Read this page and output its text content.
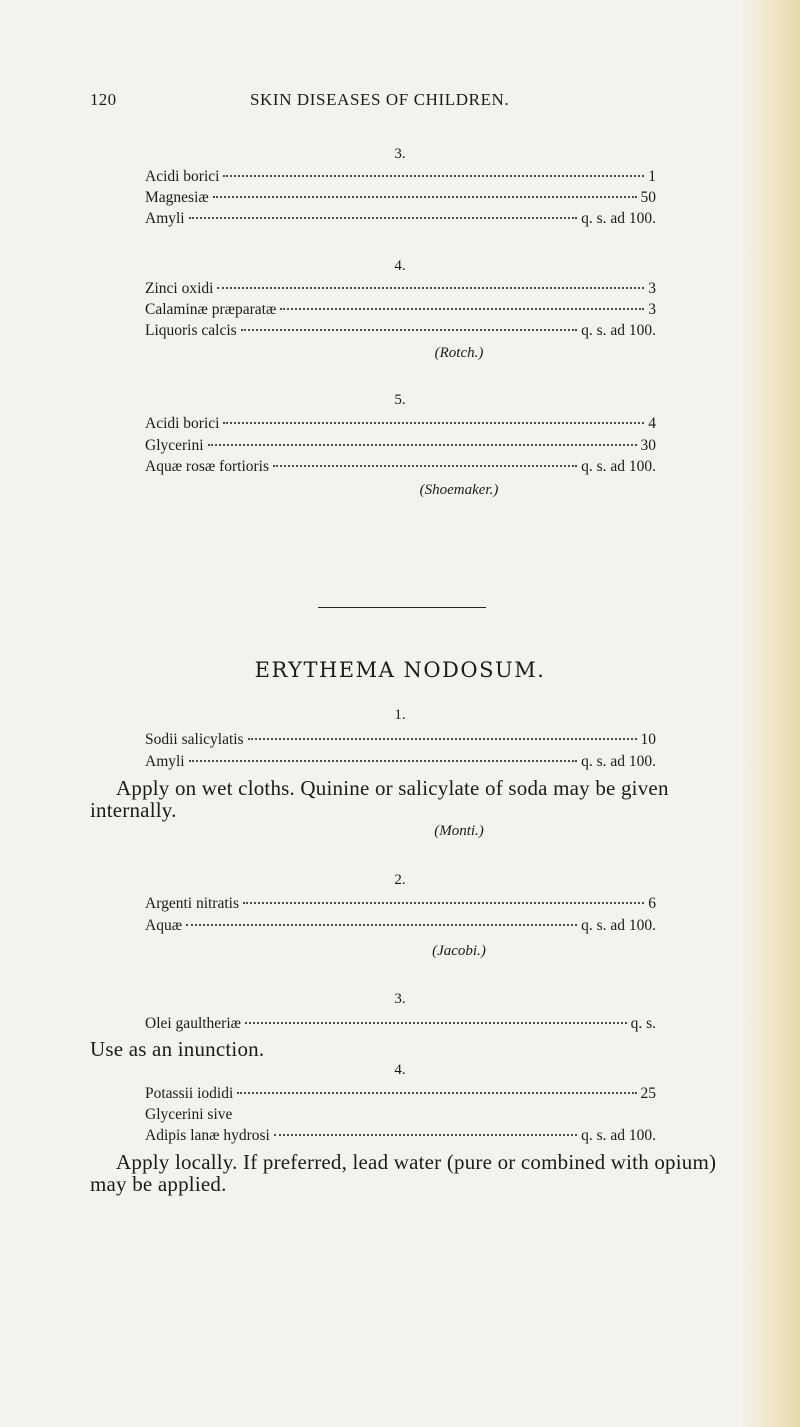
120	SKIN DISEASES OF CHILDREN.
3.
Acidi borici	1
Magnesiæ	50
Amyli	q. s. ad 100.
4.
Zinci oxidi	3
Calaminæ præparatæ	3
Liquoris calcis	q. s. ad 100.
(Rotch.)
5.
Acidi borici	4
Glycerini	30
Aquæ rosæ fortioris	q. s. ad 100.
(Shoemaker.)
ERYTHEMA NODOSUM.
1.
Sodii salicylatis	10
Amyli	q. s. ad 100.
Apply on wet cloths. Quinine or salicylate of soda may be given internally.
(Monti.)
2.
Argenti nitratis	6
Aquæ	q. s. ad 100.
(Jacobi.)
3.
Olei gaultheriæ	q. s.
Use as an inunction.
4.
Potassii iodidi	25
Glycerini sive
Adipis lanæ hydrosi	q. s. ad 100.
Apply locally. If preferred, lead water (pure or combined with opium) may be applied.
